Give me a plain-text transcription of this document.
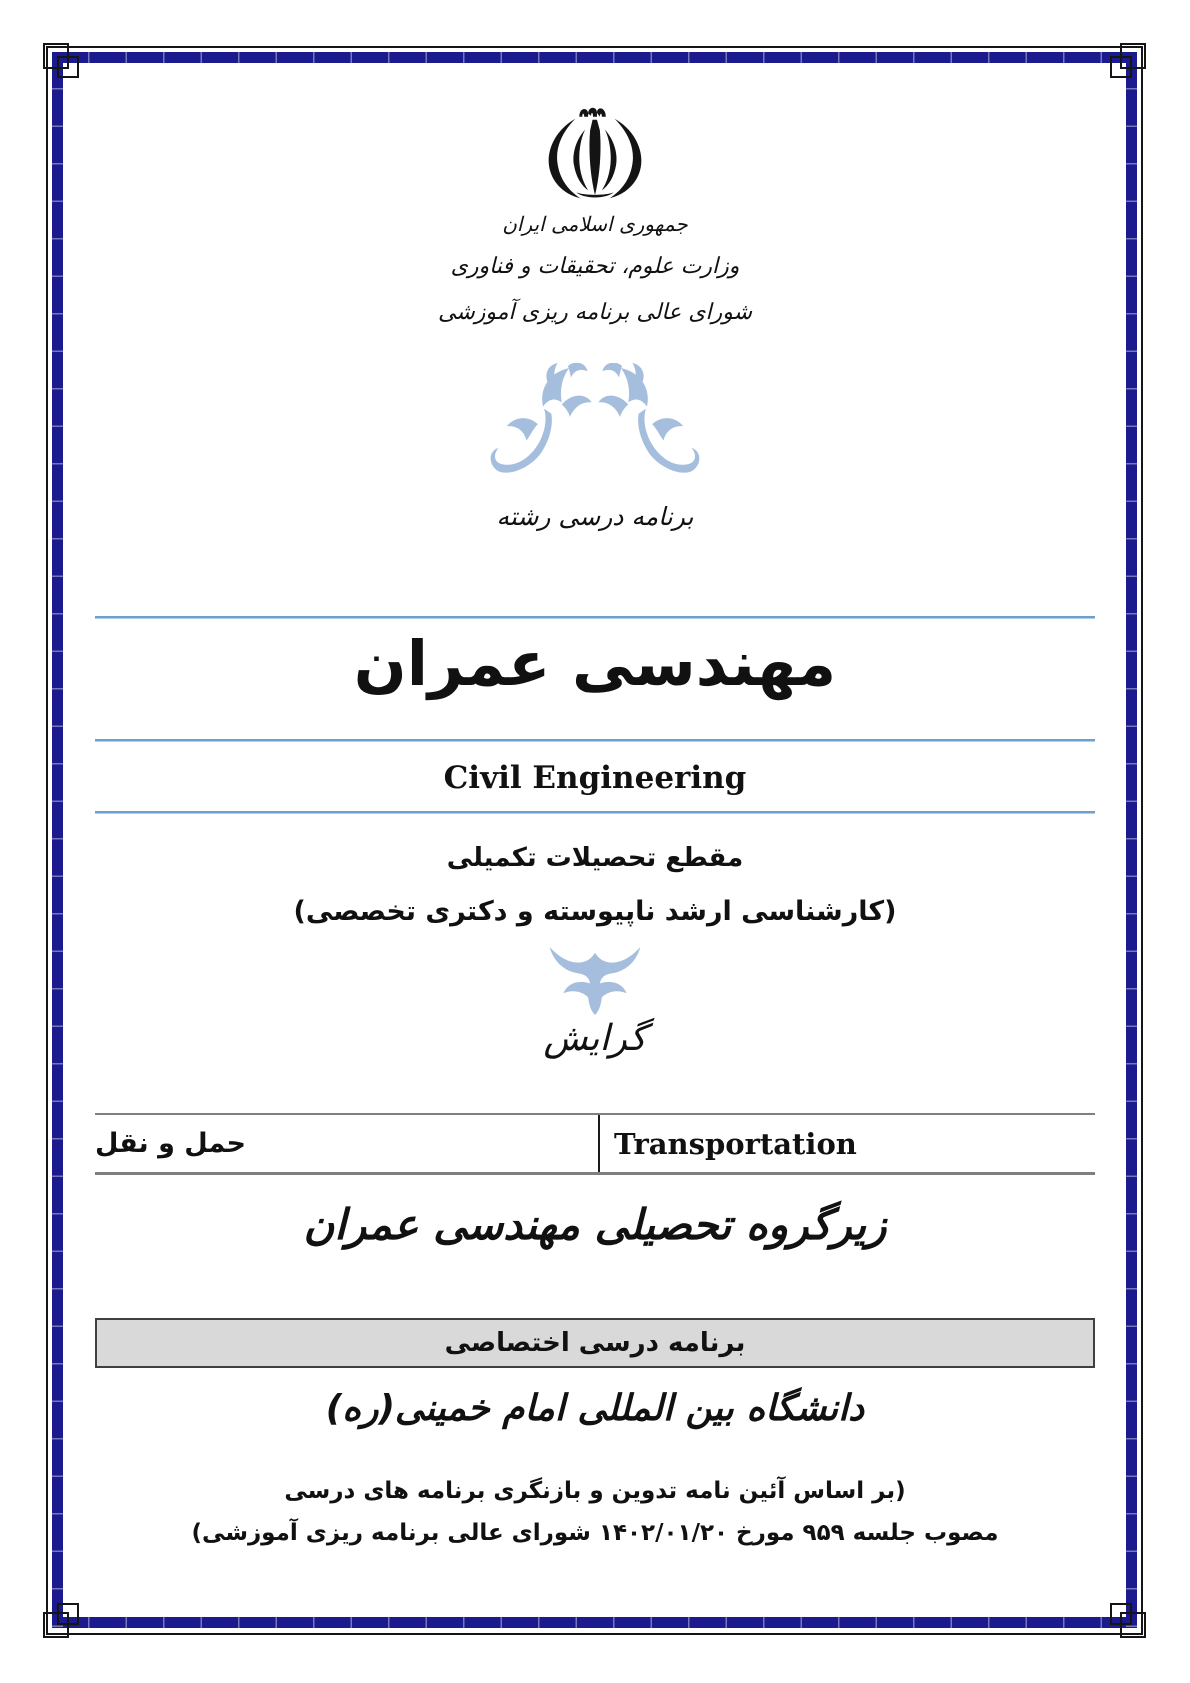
جمهوری اسلامی ایران
وزارت علوم، تحقیقات و فناوری
شورای عالی برنامه ریزی آموزشی
برنامه درسی رشته
مهندسی عمران
Civil Engineering
مقطع تحصیلات تکمیلی
(کارشناسی ارشد ناپیوسته و دکتری تخصصی)
گرایش
حمل و نقل	Transportation
زیرگروه تحصیلی مهندسی عمران
برنامه درسی اختصاصی
دانشگاه بین المللی امام خمینی(ره)
(بر اساس آئین نامه تدوین و بازنگری برنامه های درسی
مصوب جلسه ۹۵۹ مورخ ۱۴۰۲/۰۱/۲۰ شورای عالی برنامه ریزی آموزشی)
